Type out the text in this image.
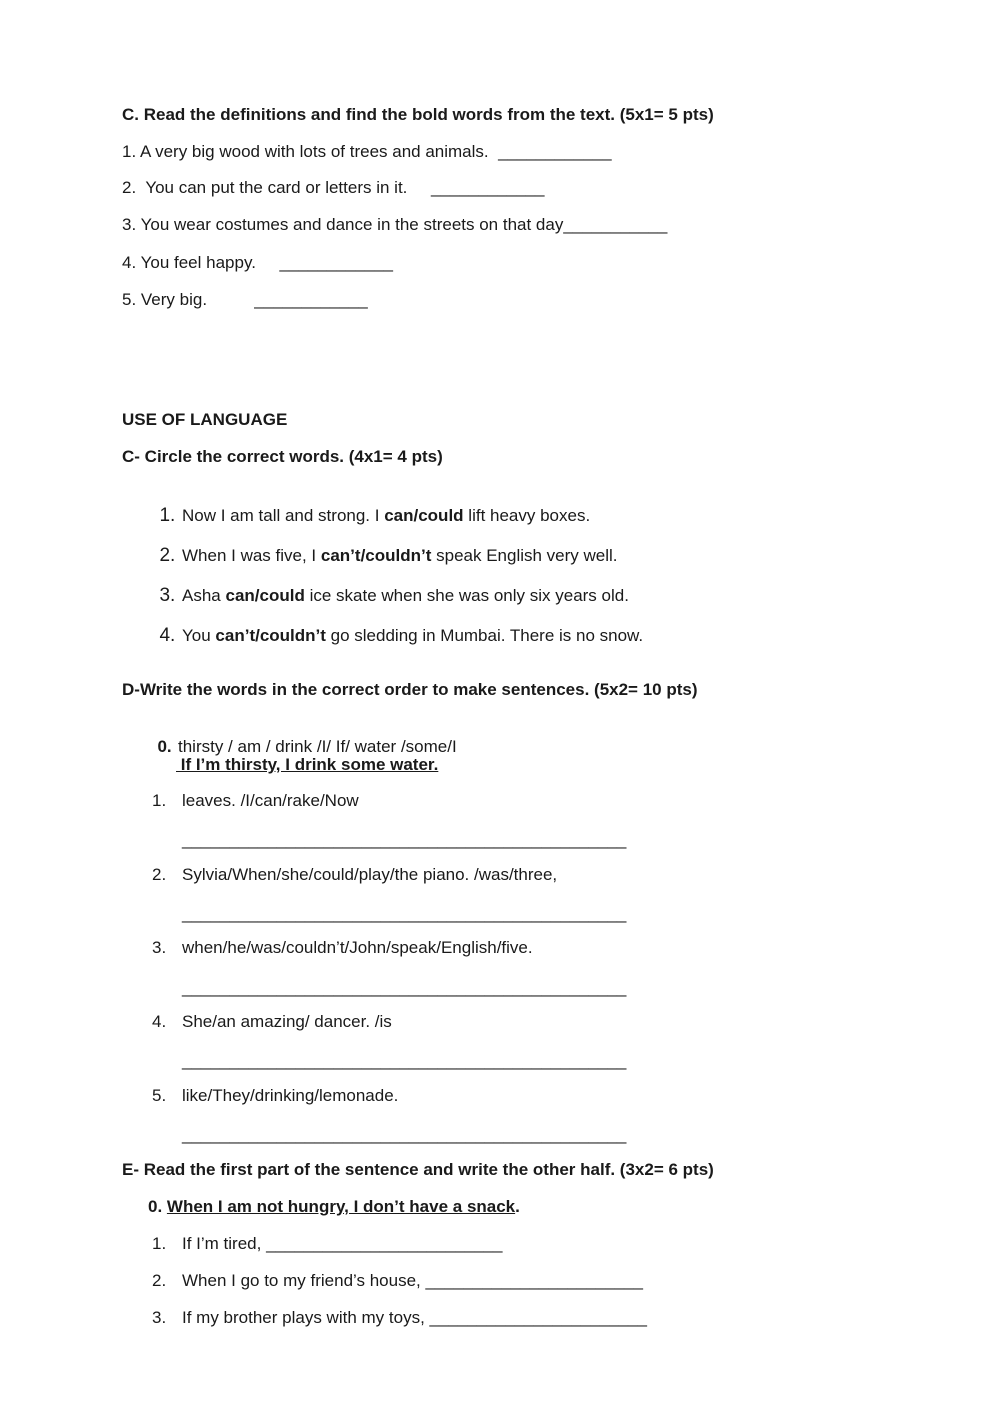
C. Read the definitions and find the bold words from the text. (5x1= 5 pts)
1. A very big wood with lots of trees and animals.  ____________
2.  You can put the card or letters in it.     ____________
3. You wear costumes and dance in the streets on that day___________
4. You feel happy.     ____________
5. Very big.          ____________
USE OF LANGUAGE
C- Circle the correct words. (4x1= 4 pts)

1. Now I am tall and strong. I can/could lift heavy boxes.

2. When I was five, I can’t/couldn’t speak English very well.

3. Asha can/could ice skate when she was only six years old.

4. You can’t/couldn’t go sledding in Mumbai. There is no snow.

D-Write the words in the correct order to make sentences. (5x2= 10 pts)

0. thirsty / am / drink /I/ If/ water /some/I

If I’m thirsty, I drink some water.
1. leaves. /I/can/rake/Now
_______________________________________________
2. Sylvia/When/she/could/play/the piano. /was/three,
_______________________________________________
3. when/he/was/couldn’t/John/speak/English/five.
_______________________________________________
4. She/an amazing/ dancer. /is
_______________________________________________
5. like/They/drinking/lemonade.
_______________________________________________
E- Read the first part of the sentence and write the other half. (3x2= 6 pts)
0. When I am not hungry, I don’t have a snack.
1. If I’m tired, _________________________
2. When I go to my friend’s house, _______________________
3. If my brother plays with my toys, _______________________
